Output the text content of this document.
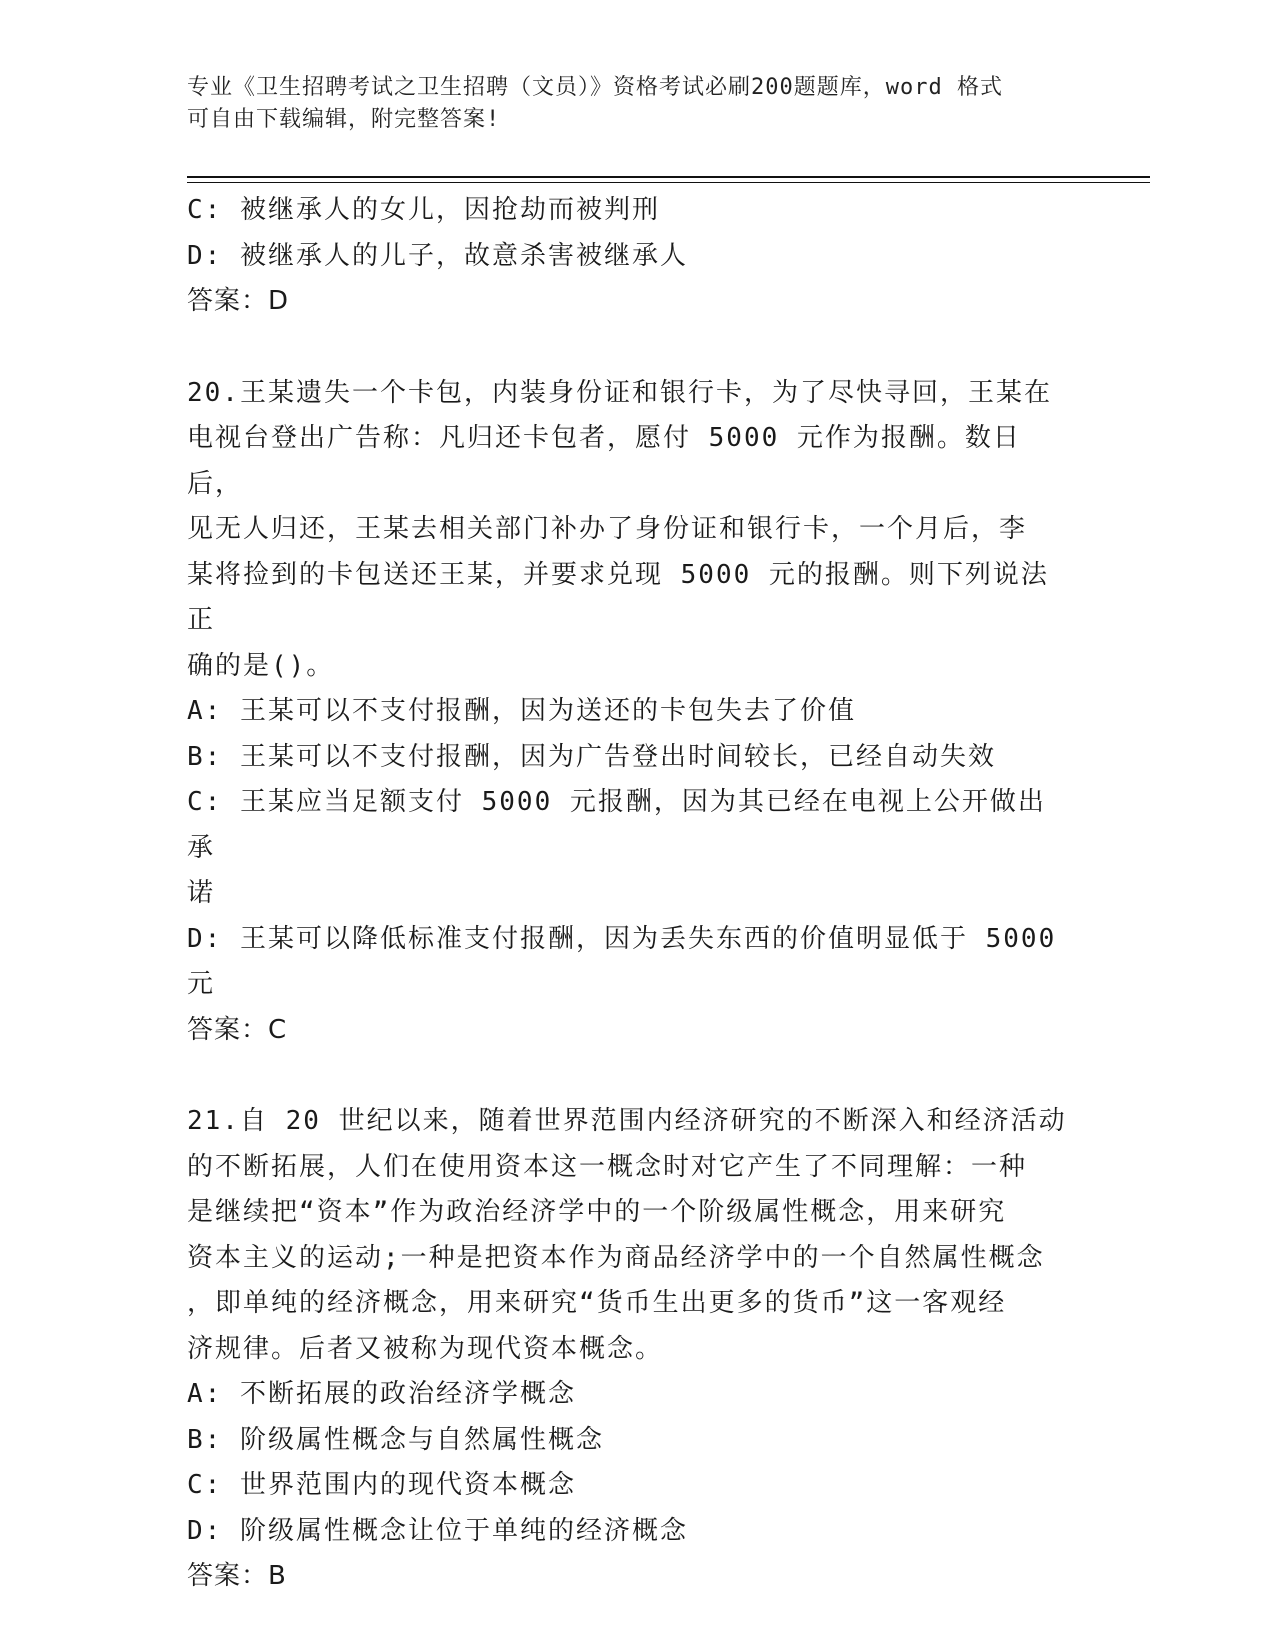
专业《卫生招聘考试之卫生招聘（文员）》资格考试必刷200题题库，word 格式
可自由下载编辑，附完整答案!
C: 被继承人的女儿，因抢劫而被判刑
D: 被继承人的儿子，故意杀害被继承人
答案：D
20.王某遗失一个卡包，内装身份证和银行卡，为了尽快寻回，王某在
电视台登出广告称：凡归还卡包者，愿付 5000 元作为报酬。数日后，
见无人归还，王某去相关部门补办了身份证和银行卡，一个月后，李
某将捡到的卡包送还王某，并要求兑现 5000 元的报酬。则下列说法正
确的是()。
A: 王某可以不支付报酬，因为送还的卡包失去了价值
B: 王某可以不支付报酬，因为广告登出时间较长，已经自动失效
C: 王某应当足额支付 5000 元报酬，因为其已经在电视上公开做出承
诺
D: 王某可以降低标准支付报酬，因为丢失东西的价值明显低于 5000
元
答案：C
21.自 20 世纪以来，随着世界范围内经济研究的不断深入和经济活动
的不断拓展，人们在使用资本这一概念时对它产生了不同理解：一种
是继续把“资本”作为政治经济学中的一个阶级属性概念，用来研究
资本主义的运动;一种是把资本作为商品经济学中的一个自然属性概念
，即单纯的经济概念，用来研究“货币生出更多的货币”这一客观经
济规律。后者又被称为现代资本概念。
A: 不断拓展的政治经济学概念
B: 阶级属性概念与自然属性概念
C: 世界范围内的现代资本概念
D: 阶级属性概念让位于单纯的经济概念
答案：B
